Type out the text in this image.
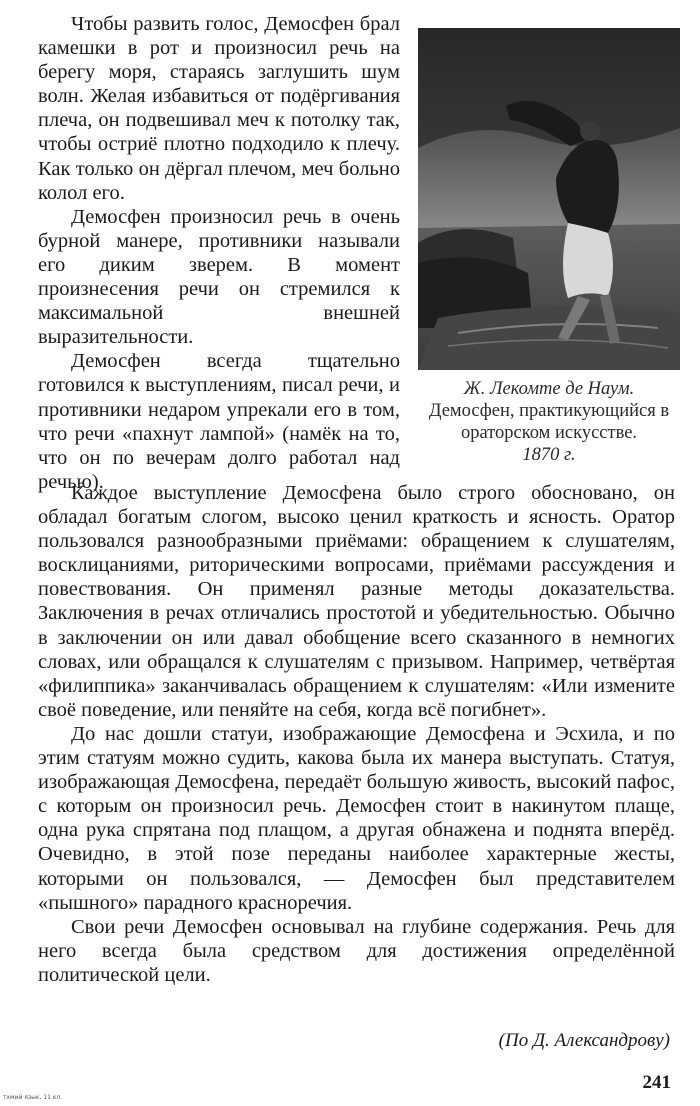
Чтобы развить голос, Демосфен брал камешки в рот и произносил речь на берегу моря, стараясь заглушить шум волн. Желая избавиться от подёргивания плеча, он подвешивал меч к потолку так, чтобы остриё плотно подходило к плечу. Как только он дёргал плечом, меч больно колол его.

Демосфен произносил речь в очень бурной манере, противники называли его диким зверем. В момент произнесения речи он стремился к максимальной внешней выразительности.

Демосфен всегда тщательно готовился к выступлениям, писал речи, и противники недаром упрекали его в том, что речи «пахнут лампой» (намёк на то, что он по вечерам долго работал над речью).

Ж. Лекомте де Наум.
Демосфен, практикующийся в ораторском искусстве.
1870 г.

Каждое выступление Демосфена было строго обосновано, он обладал богатым слогом, высоко ценил краткость и ясность. Оратор пользовался разнообразными приёмами: обращением к слушателям, восклицаниями, риторическими вопросами, приёмами рассуждения и повествования. Он применял разные методы доказательства. Заключения в речах отличались простотой и убедительностью. Обычно в заключении он или давал обобщение всего сказанного в немногих словах, или обращался к слушателям с призывом. Например, четвёртая «филиппика» заканчивалась обращением к слушателям: «Или измените своё поведение, или пеняйте на себя, когда всё погибнет».

До нас дошли статуи, изображающие Демосфена и Эсхила, и по этим статуям можно судить, какова была их манера выступать. Статуя, изображающая Демосфена, передаёт большую живость, высокий пафос, с которым он произносил речь. Демосфен стоит в накинутом плаще, одна рука спрятана под плащом, а другая обнажена и поднята вперёд. Очевидно, в этой позе переданы наиболее характерные жесты, которыми он пользовался, — Демосфен был представителем «пышного» парадного красноречия.

Свои речи Демосфен основывал на глубине содержания. Речь для него всегда была средством для достижения определённой политической цели.

(По Д. Александрову)
241
тхмий язык, 11 кл.
